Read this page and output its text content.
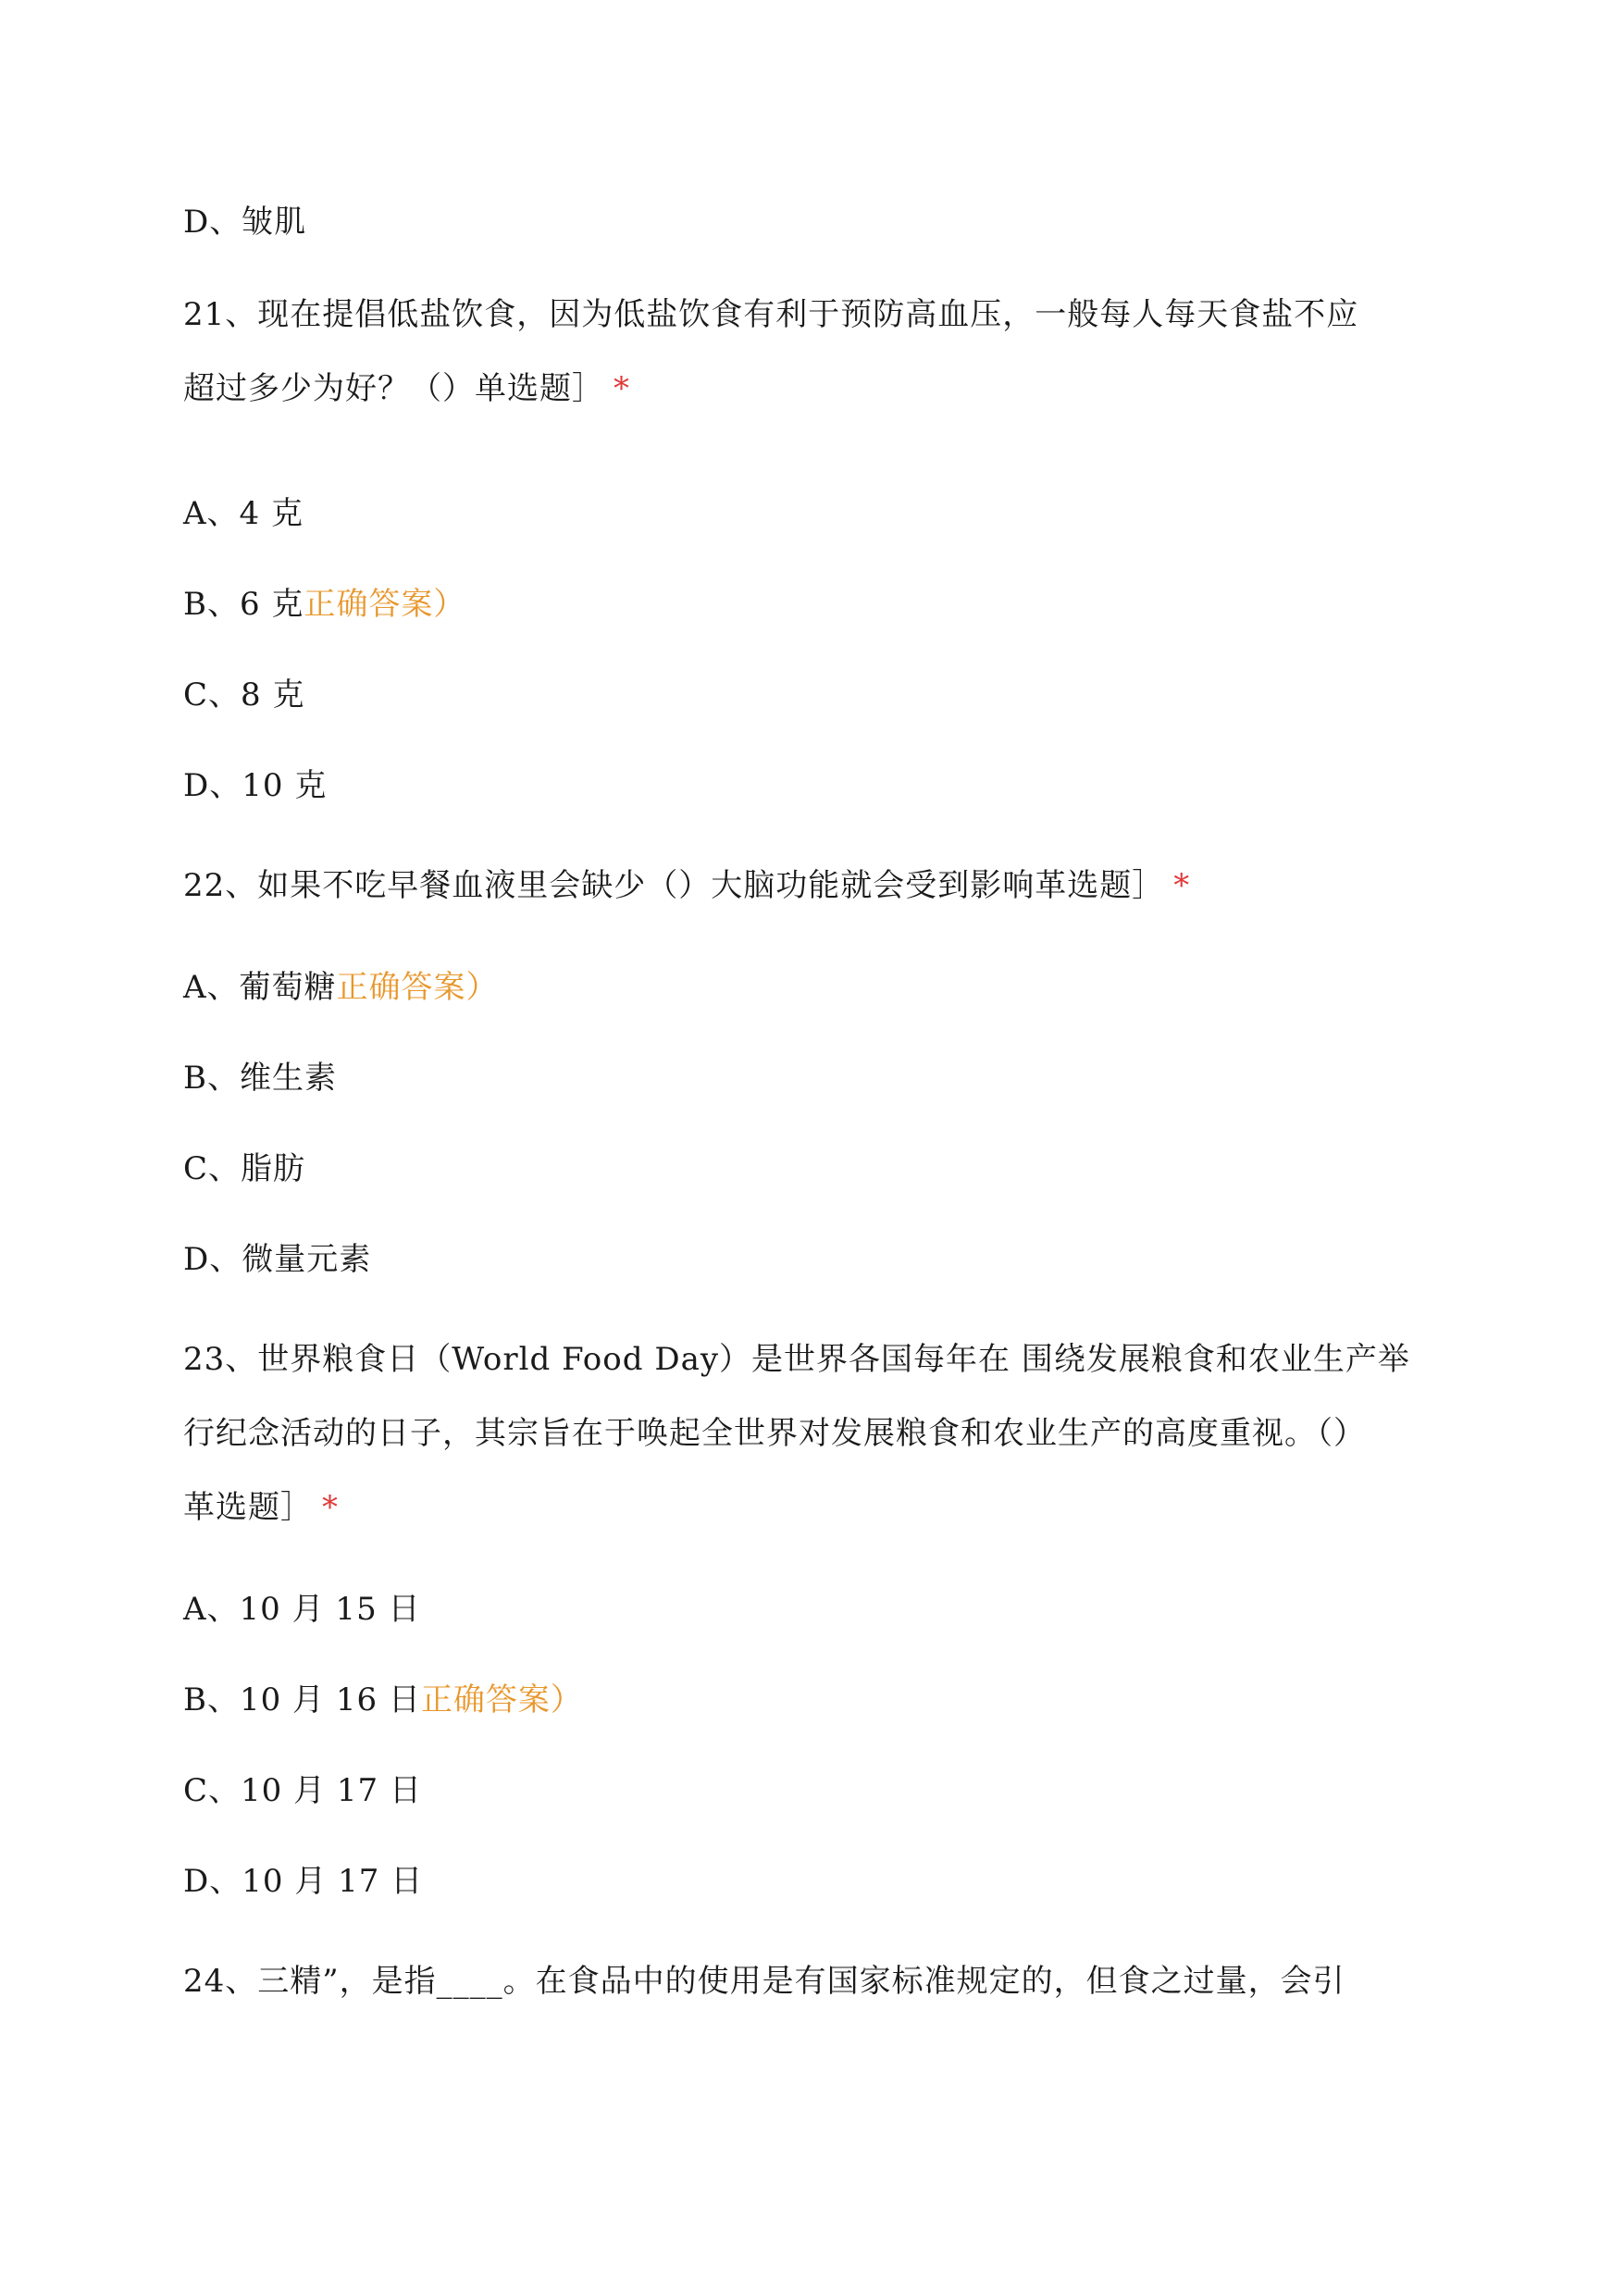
D、皱肌
21、现在提倡低盐饮食，因为低盐饮食有利于预防高血压，一般每人每天食盐不应
超过多少为好？（）单选题］ *
A、4 克
B、6 克正确答案）
C、8 克
D、10 克
22、如果不吃早餐血液里会缺少（）大脑功能就会受到影响革选题］ *
A、葡萄糖正确答案）
B、维生素
C、脂肪
D、微量元素
23、世界粮食日（World Food Day）是世界各国每年在 围绕发展粮食和农业生产举
行纪念活动的日子，其宗旨在于唤起全世界对发展粮食和农业生产的高度重视。（）
革选题］ *
A、10 月 15 日
B、10 月 16 日正确答案）
C、10 月 17 日
D、10 月 17 日
24、三精”，是指____。在食品中的使用是有国家标准规定的，但食之过量，会引
